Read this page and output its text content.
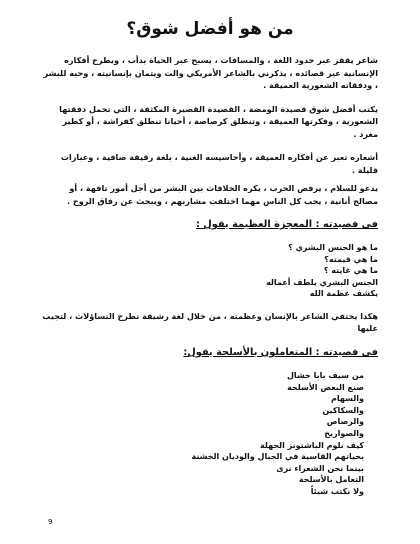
من هو أفضل شوق؟

شاعر يقفز عبر حدود اللغة ، والمسافات ، يسبح عبر الحياة بدأب ، ويطرح أفكاره الإنسانية عبر قصائده ، يذكرني بالشاعر الأمريكي والت ويتمان بإنسانيته ، وحبه للبشر ، ودفقاته الشعورية العميقة .

يكتب أفضل شوق قصيدة الومضة ، القصيدة القصيرة المكثفة ، التي تحمل دفقتها الشعورية ، وفكرتها العميقة ، وتنطلق كرصاصة ، أحيانا تنطلق كفراشة ، أو كطير مغرد .

أشعاره تعبر عن أفكاره العميقة ، وأحاسيسه الغنية ، بلغة رقيقة صافية ، وعبارات قليلة .

يدعو للسلام ، يرفض الحرب ، يكره الخلافات بين البشر من أجل أمور تافهة ، أو مصالح أنانية ، يحب كل الناس مهما اختلفت مشاربهم ، ويبحث عن رفاق الروح .

في قصيدته : المعجزة العظيمة يقول :

ما هو الجنس البشري ؟

ما هي قيمته؟

ما هي غايته ؟

الجنس البشري يلطف أعماله

يكشف عظمة الله

هكذا يحتفي الشاعر بالإنسان وعظمته ، من خلال لغة رشيقة تطرح التساؤلات ، لتجيب عليها

في قصيدته : المتعاملون بالأسلحة يقول:

من سيف بابا خشال

صنع البعض الأسلحة

والسهام

والسكاكين

والرصاص

والصواريخ

كيف نلوم الباشتونز الجهلة

بحياتهم القاسية في الجبال والوديان الخشنة

بينما نحن الشعراء نرى

التعامل بالأسلحة

ولا نكتب شيئاً

9
